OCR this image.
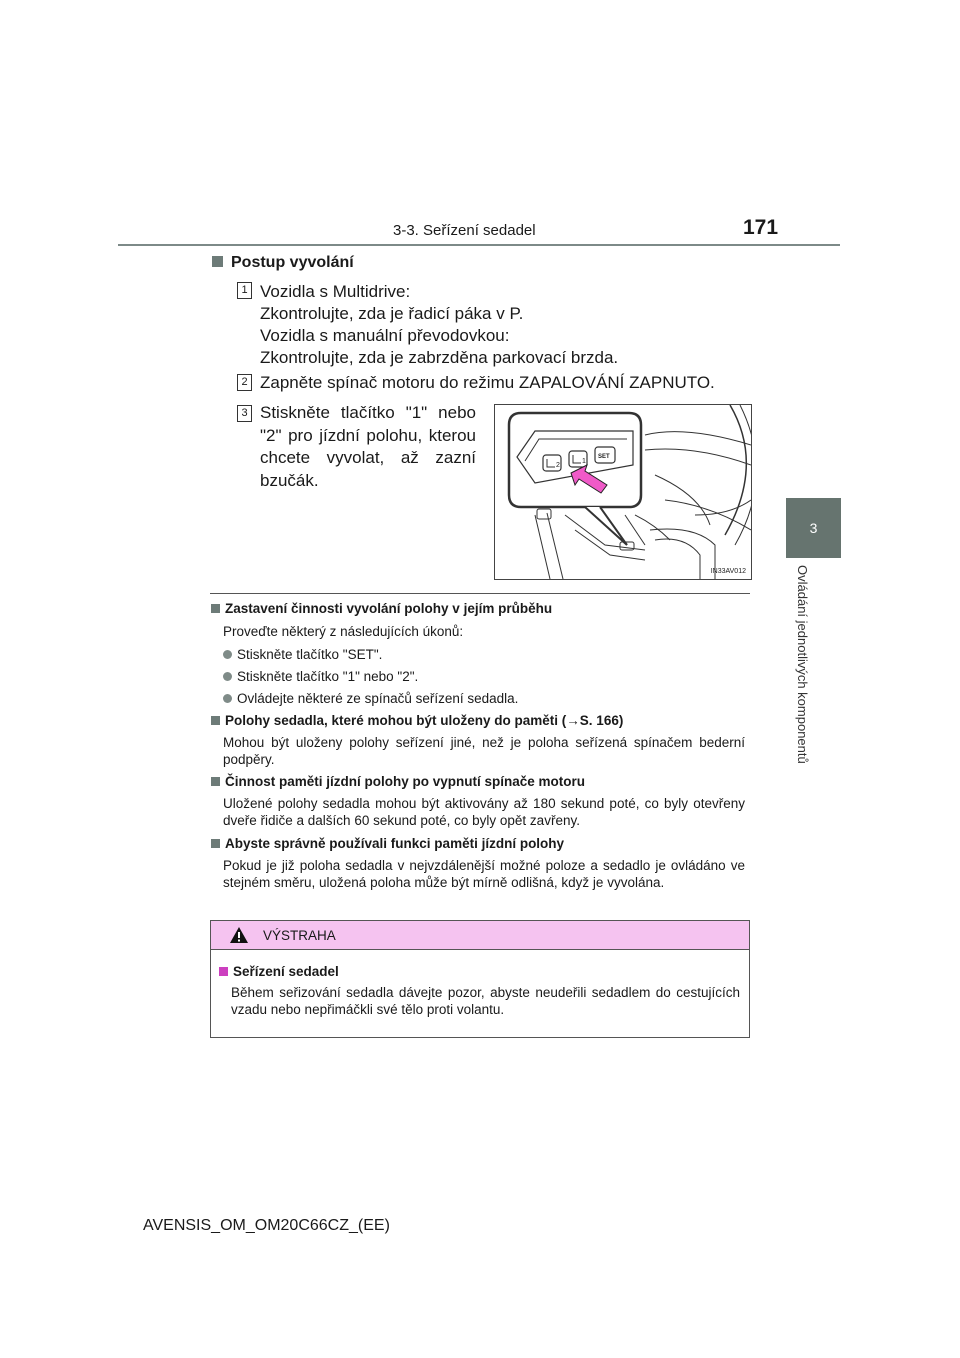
3-3. Seřízení sedadel	171
3
Ovládání jednotlivých komponentů
Postup vyvolání
1 Vozidla s Multidrive:
Zkontrolujte, zda je řadicí páka v P.
Vozidla s manuální převodovkou:
Zkontrolujte, zda je zabrzděna parkovací brzda.
2 Zapněte spínač motoru do režimu ZAPALOVÁNÍ ZAPNUTO.
3 Stiskněte tlačítko "1" nebo "2" pro jízdní polohu, kterou chcete vyvolat, až zazní bzučák.
SET
2
1
IN33AV012
Zastavení činnosti vyvolání polohy v jejím průběhu
Proveďte některý z následujících úkonů:
Stiskněte tlačítko "SET".
Stiskněte tlačítko "1" nebo "2".
Ovládejte některé ze spínačů seřízení sedadla.
Polohy sedadla, které mohou být uloženy do paměti (→S. 166)
Mohou být uloženy polohy seřízení jiné, než je poloha seřízená spínačem bederní podpěry.
Činnost paměti jízdní polohy po vypnutí spínače motoru
Uložené polohy sedadla mohou být aktivovány až 180 sekund poté, co byly otevřeny dveře řidiče a dalších 60 sekund poté, co byly opět zavřeny.
Abyste správně používali funkci paměti jízdní polohy
Pokud je již poloha sedadla v nejvzdálenější možné poloze a sedadlo je ovládáno ve stejném směru, uložená poloha může být mírně odlišná, když je vyvolána.
VÝSTRAHA
Seřízení sedadel
Během seřizování sedadla dávejte pozor, abyste neudeřili sedadlem do cestujících vzadu nebo nepřimáčkli své tělo proti volantu.
AVENSIS_OM_OM20C66CZ_(EE)
